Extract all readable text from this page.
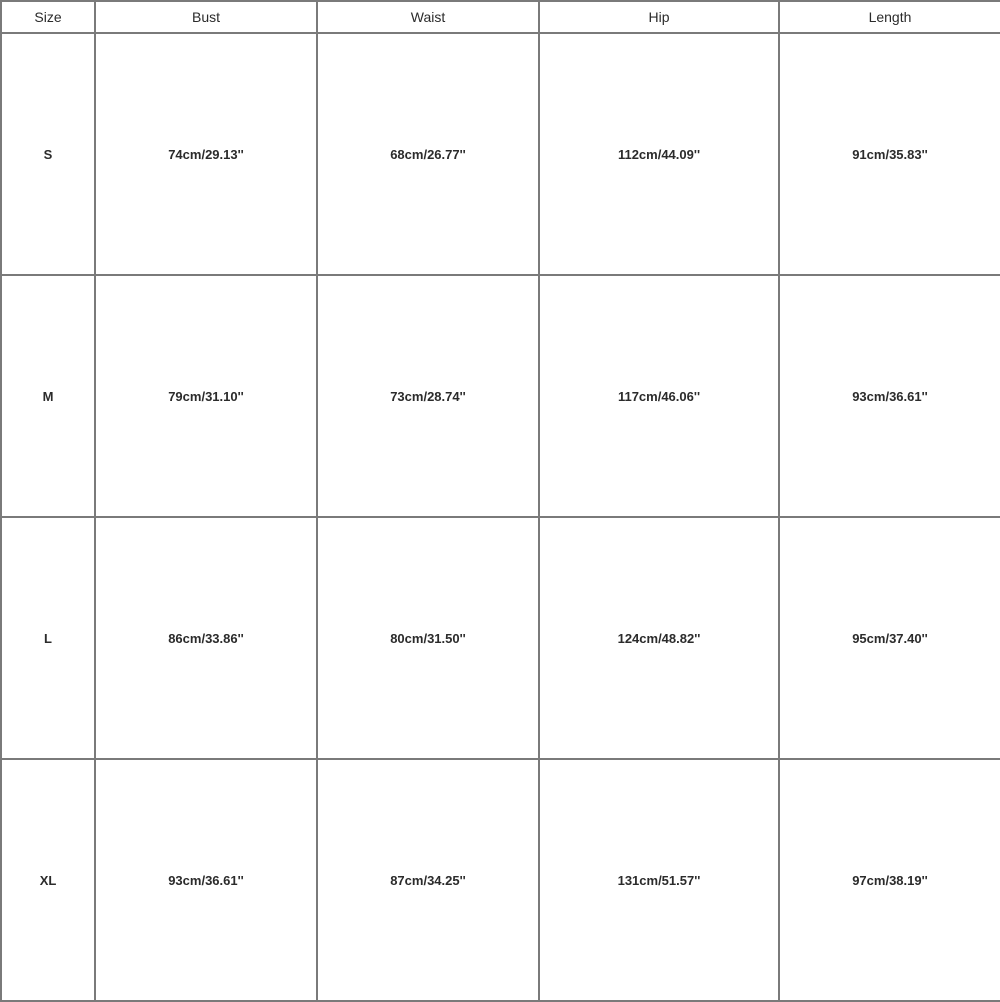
Size	Bust	Waist	Hip	Length
S	74cm/29.13''	68cm/26.77''	112cm/44.09''	91cm/35.83''
M	79cm/31.10''	73cm/28.74''	117cm/46.06''	93cm/36.61''
L	86cm/33.86''	80cm/31.50''	124cm/48.82''	95cm/37.40''
XL	93cm/36.61''	87cm/34.25''	131cm/51.57''	97cm/38.19''
